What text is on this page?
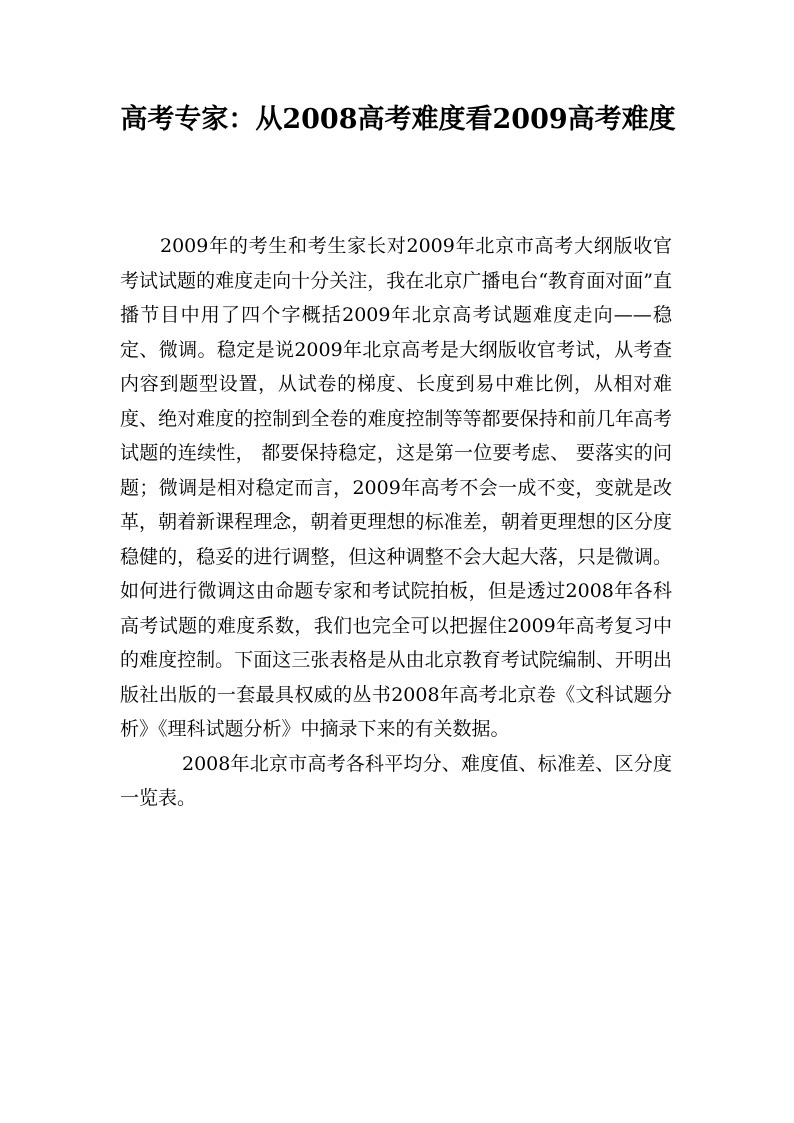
高考专家：从2008高考难度看2009高考难度

2009年的考生和考生家长对2009年北京市高考大纲版收官考试试题的难度走向十分关注，我在北京广播电台“教育面对面”直播节目中用了四个字概括2009年北京高考试题难度走向——稳定、微调。稳定是说2009年北京高考是大纲版收官考试，从考查内容到题型设置，从试卷的梯度、长度到易中难比例，从相对难度、绝对难度的控制到全卷的难度控制等等都要保持和前几年高考试题的连续性， 都要保持稳定，这是第一位要考虑、 要落实的问题；微调是相对稳定而言，2009年高考不会一成不变，变就是改革，朝着新课程理念，朝着更理想的标准差，朝着更理想的区分度稳健的，稳妥的进行调整，但这种调整不会大起大落，只是微调。如何进行微调这由命题专家和考试院拍板，但是透过2008年各科高考试题的难度系数，我们也完全可以把握住2009年高考复习中的难度控制。下面这三张表格是从由北京教育考试院编制、开明出版社出版的一套最具权威的丛书2008年高考北京卷《文科试题分析》《理科试题分析》中摘录下来的有关数据。

2008年北京市高考各科平均分、难度值、标准差、区分度一览表。
